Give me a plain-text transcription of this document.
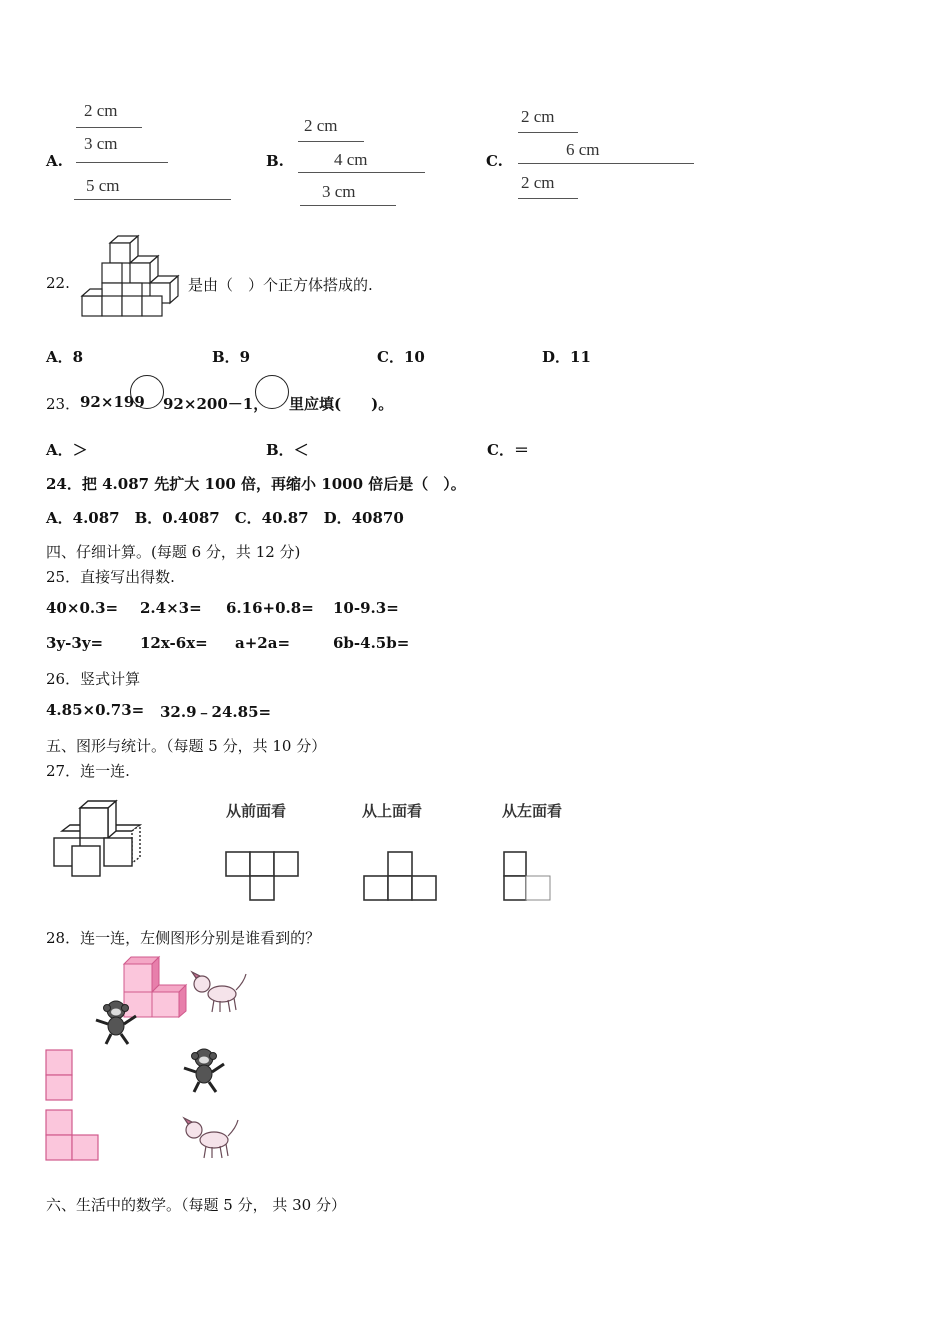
A.
2 cm
3 cm
5 cm
B.
2 cm
4 cm
3 cm
C.
2 cm
6 cm
2 cm
22.	是由（　）个正方体搭成的.
A．8	B．9	C．10	D．11
23． 92×199 92×200－1， 里应填(　　)。
A．＞	B．＜	C．＝
24．把 4.087 先扩大 100 倍，再缩小 1000 倍后是（　）。
A．4.087　B．0.4087　C．40.87　D．40870
四、仔细计算。(每题 6 分，共 12 分)
25．直接写出得数.
40×0.3= 2.4×3= 6.16+0.8= 10-9.3=
3y-3y= 12x-6x= a+2a=	6b-4.5b=
26．竖式计算
4.85×0.73= 32.9﹣24.85=
五、图形与统计。（每题 5 分，共 10 分）
27．连一连.
从前面看	从上面看	从左面看
28．连一连，左侧图形分别是谁看到的？
六、生活中的数学。（每题 5 分， 共 30 分）
